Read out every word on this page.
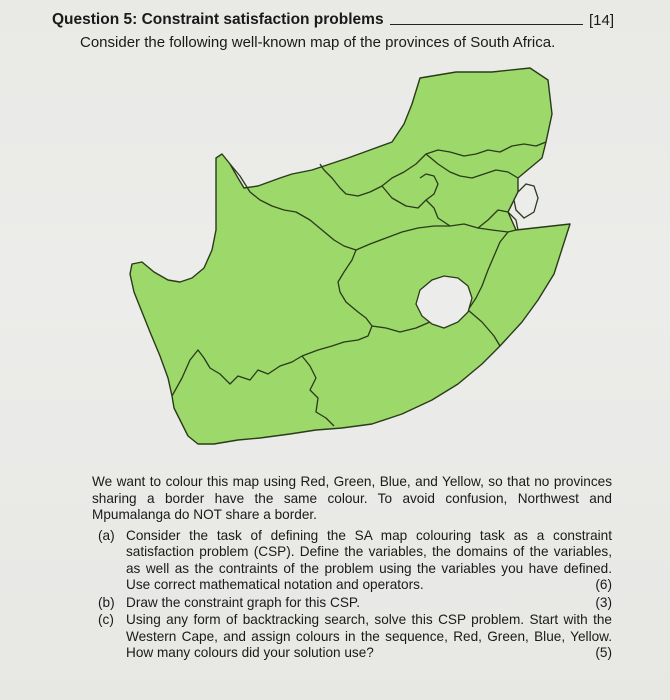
Question 5: Constraint satisfaction problems	[14]
Consider the following well-known map of the provinces of South Africa.

We want to colour this map using Red, Green, Blue, and Yellow, so that no provinces sharing a border have the same colour. To avoid confusion, Northwest and Mpumalanga do NOT share a border.

(a) Consider the task of defining the SA map colouring task as a constraint satisfaction problem (CSP). Define the variables, the domains of the variables, as well as the contraints of the problem using the variables you have defined. Use correct mathematical notation and operators.	(6)
(b) Draw the constraint graph for this CSP.	(3)
(c) Using any form of backtracking search, solve this CSP problem. Start with the Western Cape, and assign colours in the sequence, Red, Green, Blue, Yellow. How many colours did your solution use?	(5)
